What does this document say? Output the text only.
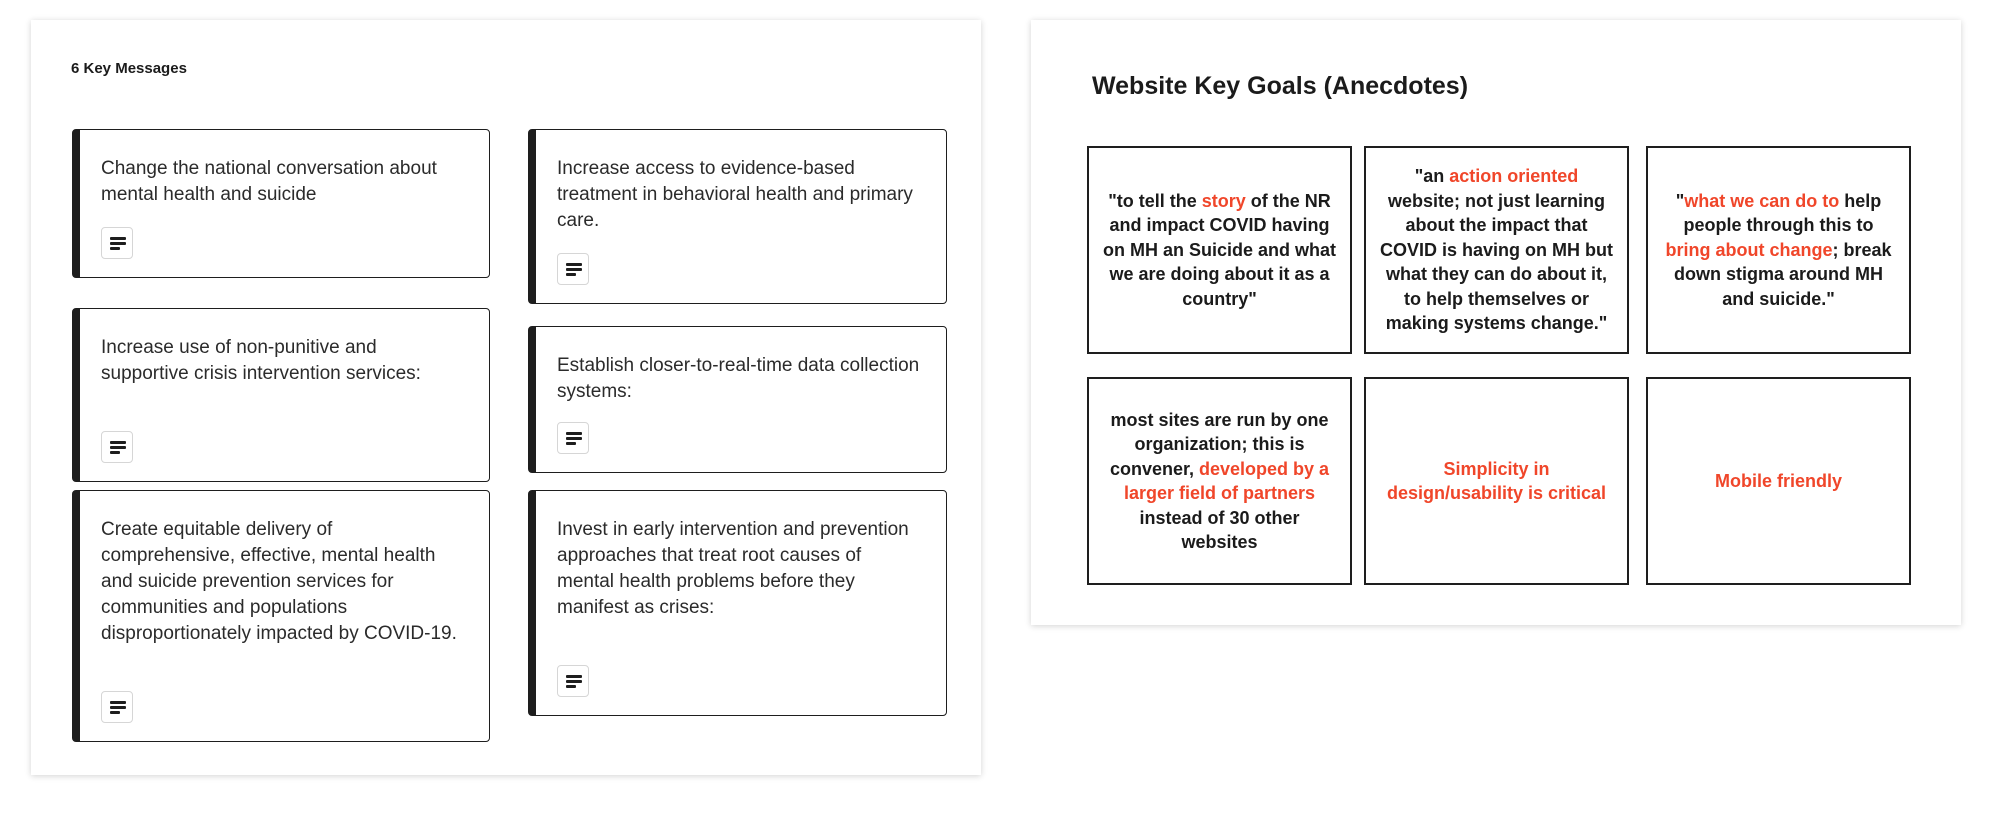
6 Key Messages
Change the national conversation about mental health and suicide
Increase access to evidence-based treatment in behavioral health and primary care.
Increase use of non-punitive and supportive crisis intervention services:	Establish closer-to-real-time data collection systems:
Create equitable delivery of comprehensive, effective, mental health and suicide prevention services for communities and populations disproportionately impacted by COVID-19.
Invest in early intervention and prevention approaches that treat root causes of mental health problems before they manifest as crises:
Website Key Goals (Anecdotes)
"to tell the story of the NR and impact COVID having on MH an Suicide and what we are doing about it as a country"
"an action oriented website; not just learning about the impact that COVID is having on MH but what they can do about it, to help themselves or making systems change."
"what we can do to help people through this to bring about change; break down stigma around MH and suicide."
most sites are run by one organization; this is convener, developed by a larger field of partners instead of 30 other websites
Simplicity in design/usability is critical
Mobile friendly
